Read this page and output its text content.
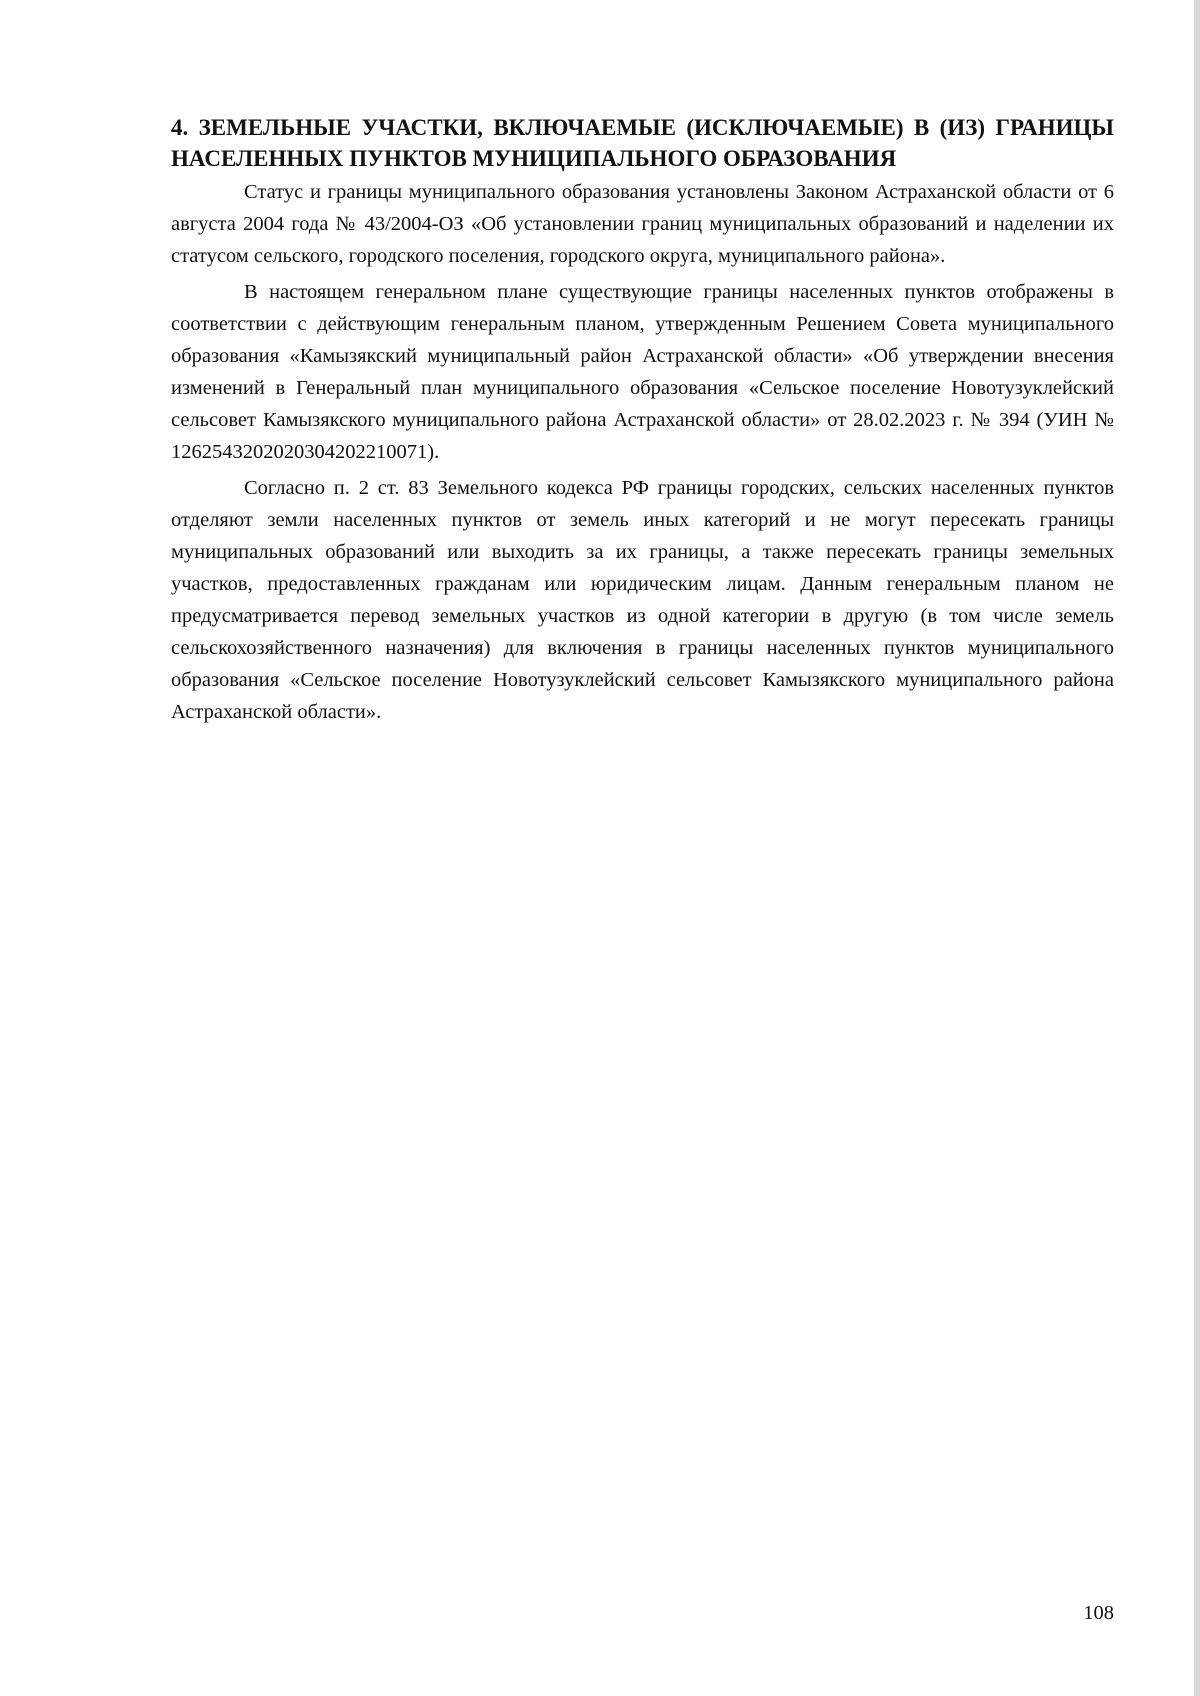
4. ЗЕМЕЛЬНЫЕ УЧАСТКИ, ВКЛЮЧАЕМЫЕ (ИСКЛЮЧАЕМЫЕ) В (ИЗ) ГРАНИЦЫ НАСЕЛЕННЫХ ПУНКТОВ МУНИЦИПАЛЬНОГО ОБРАЗОВАНИЯ

Статус и границы муниципального образования установлены Законом Астраханской области от 6 августа 2004 года № 43/2004-ОЗ «Об установлении границ муниципальных образований и наделении их статусом сельского, городского поселения, городского округа, муниципального района».

В настоящем генеральном плане существующие границы населенных пунктов отображены в соответствии с действующим генеральным планом, утвержденным Решением Совета муниципального образования «Камызякский муниципальный район Астраханской области» «Об утверждении внесения изменений в Генеральный план муниципального образования «Сельское поселение Новотузуклейский сельсовет Камызякского муниципального района Астраханской области» от 28.02.2023 г. № 394 (УИН № 1262543202020304202210071).

Согласно п. 2 ст. 83 Земельного кодекса РФ границы городских, сельских населенных пунктов отделяют земли населенных пунктов от земель иных категорий и не могут пересекать границы муниципальных образований или выходить за их границы, а также пересекать границы земельных участков, предоставленных гражданам или юридическим лицам. Данным генеральным планом не предусматривается перевод земельных участков из одной категории в другую (в том числе земель сельскохозяйственного назначения) для включения в границы населенных пунктов муниципального образования «Сельское поселение Новотузуклейский сельсовет Камызякского муниципального района Астраханской области».

108
